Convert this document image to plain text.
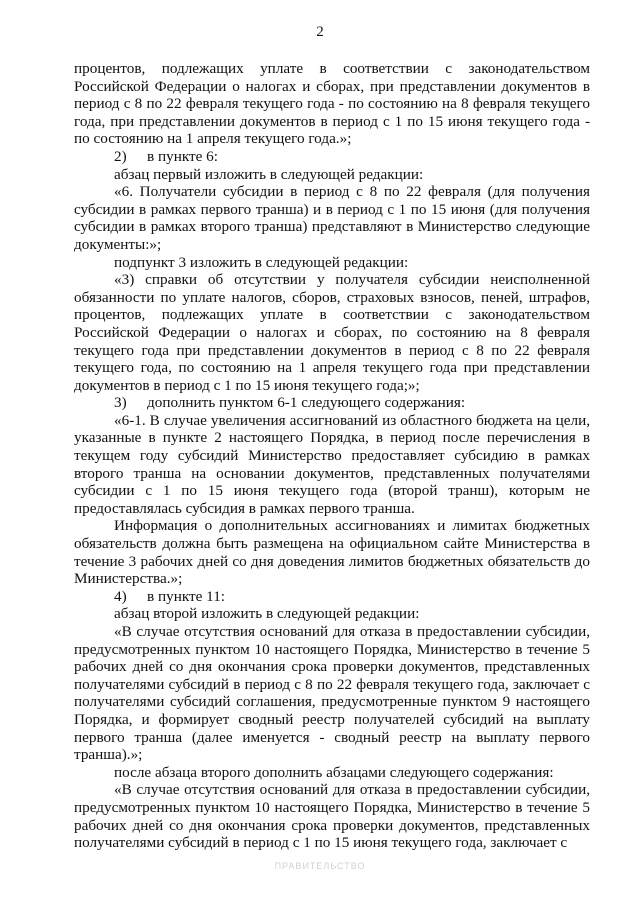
2

процентов, подлежащих уплате в соответствии с законодательством Российской Федерации о налогах и сборах, при представлении документов в период с 8 по 22 февраля текущего года - по состоянию на 8 февраля текущего года, при представлении документов в период с 1 по 15 июня текущего года - по состоянию на 1 апреля текущего года.»;

2) в пункте 6:

абзац первый изложить в следующей редакции:

«6. Получатели субсидии в период с 8 по 22 февраля (для получения субсидии в рамках первого транша) и в период с 1 по 15 июня (для получения субсидии в рамках второго транша) представляют в Министерство следующие документы:»;

подпункт 3 изложить в следующей редакции:

«3) справки об отсутствии у получателя субсидии неисполненной обязанности по уплате налогов, сборов, страховых взносов, пеней, штрафов, процентов, подлежащих уплате в соответствии с законодательством Российской Федерации о налогах и сборах, по состоянию на 8 февраля текущего года при представлении документов в период с 8 по 22 февраля текущего года, по состоянию на 1 апреля текущего года при представлении документов в период с 1 по 15 июня текущего года;»;

3) дополнить пунктом 6-1 следующего содержания:

«6-1. В случае увеличения ассигнований из областного бюджета на цели, указанные в пункте 2 настоящего Порядка, в период после перечисления в текущем году субсидий Министерство предоставляет субсидию в рамках второго транша на основании документов, представленных получателями субсидии с 1 по 15 июня текущего года (второй транш), которым не предоставлялась субсидия в рамках первого транша.

Информация о дополнительных ассигнованиях и лимитах бюджетных обязательств должна быть размещена на официальном сайте Министерства в течение 3 рабочих дней со дня доведения лимитов бюджетных обязательств до Министерства.»;

4) в пункте 11:

абзац второй изложить в следующей редакции:

«В случае отсутствия оснований для отказа в предоставлении субсидии, предусмотренных пунктом 10 настоящего Порядка, Министерство в течение 5 рабочих дней со дня окончания срока проверки документов, представленных получателями субсидий в период с 8 по 22 февраля текущего года, заключает с получателями субсидий соглашения, предусмотренные пунктом 9 настоящего Порядка, и формирует сводный реестр получателей субсидий на выплату первого транша (далее именуется - сводный реестр на выплату первого транша).»;

после абзаца второго дополнить абзацами следующего содержания:

«В случае отсутствия оснований для отказа в предоставлении субсидии, предусмотренных пунктом 10 настоящего Порядка, Министерство в течение 5 рабочих дней со дня окончания срока проверки документов, представленных получателями субсидий в период с 1 по 15 июня текущего года, заключает с

ПРАВИТЕЛЬСТВО
